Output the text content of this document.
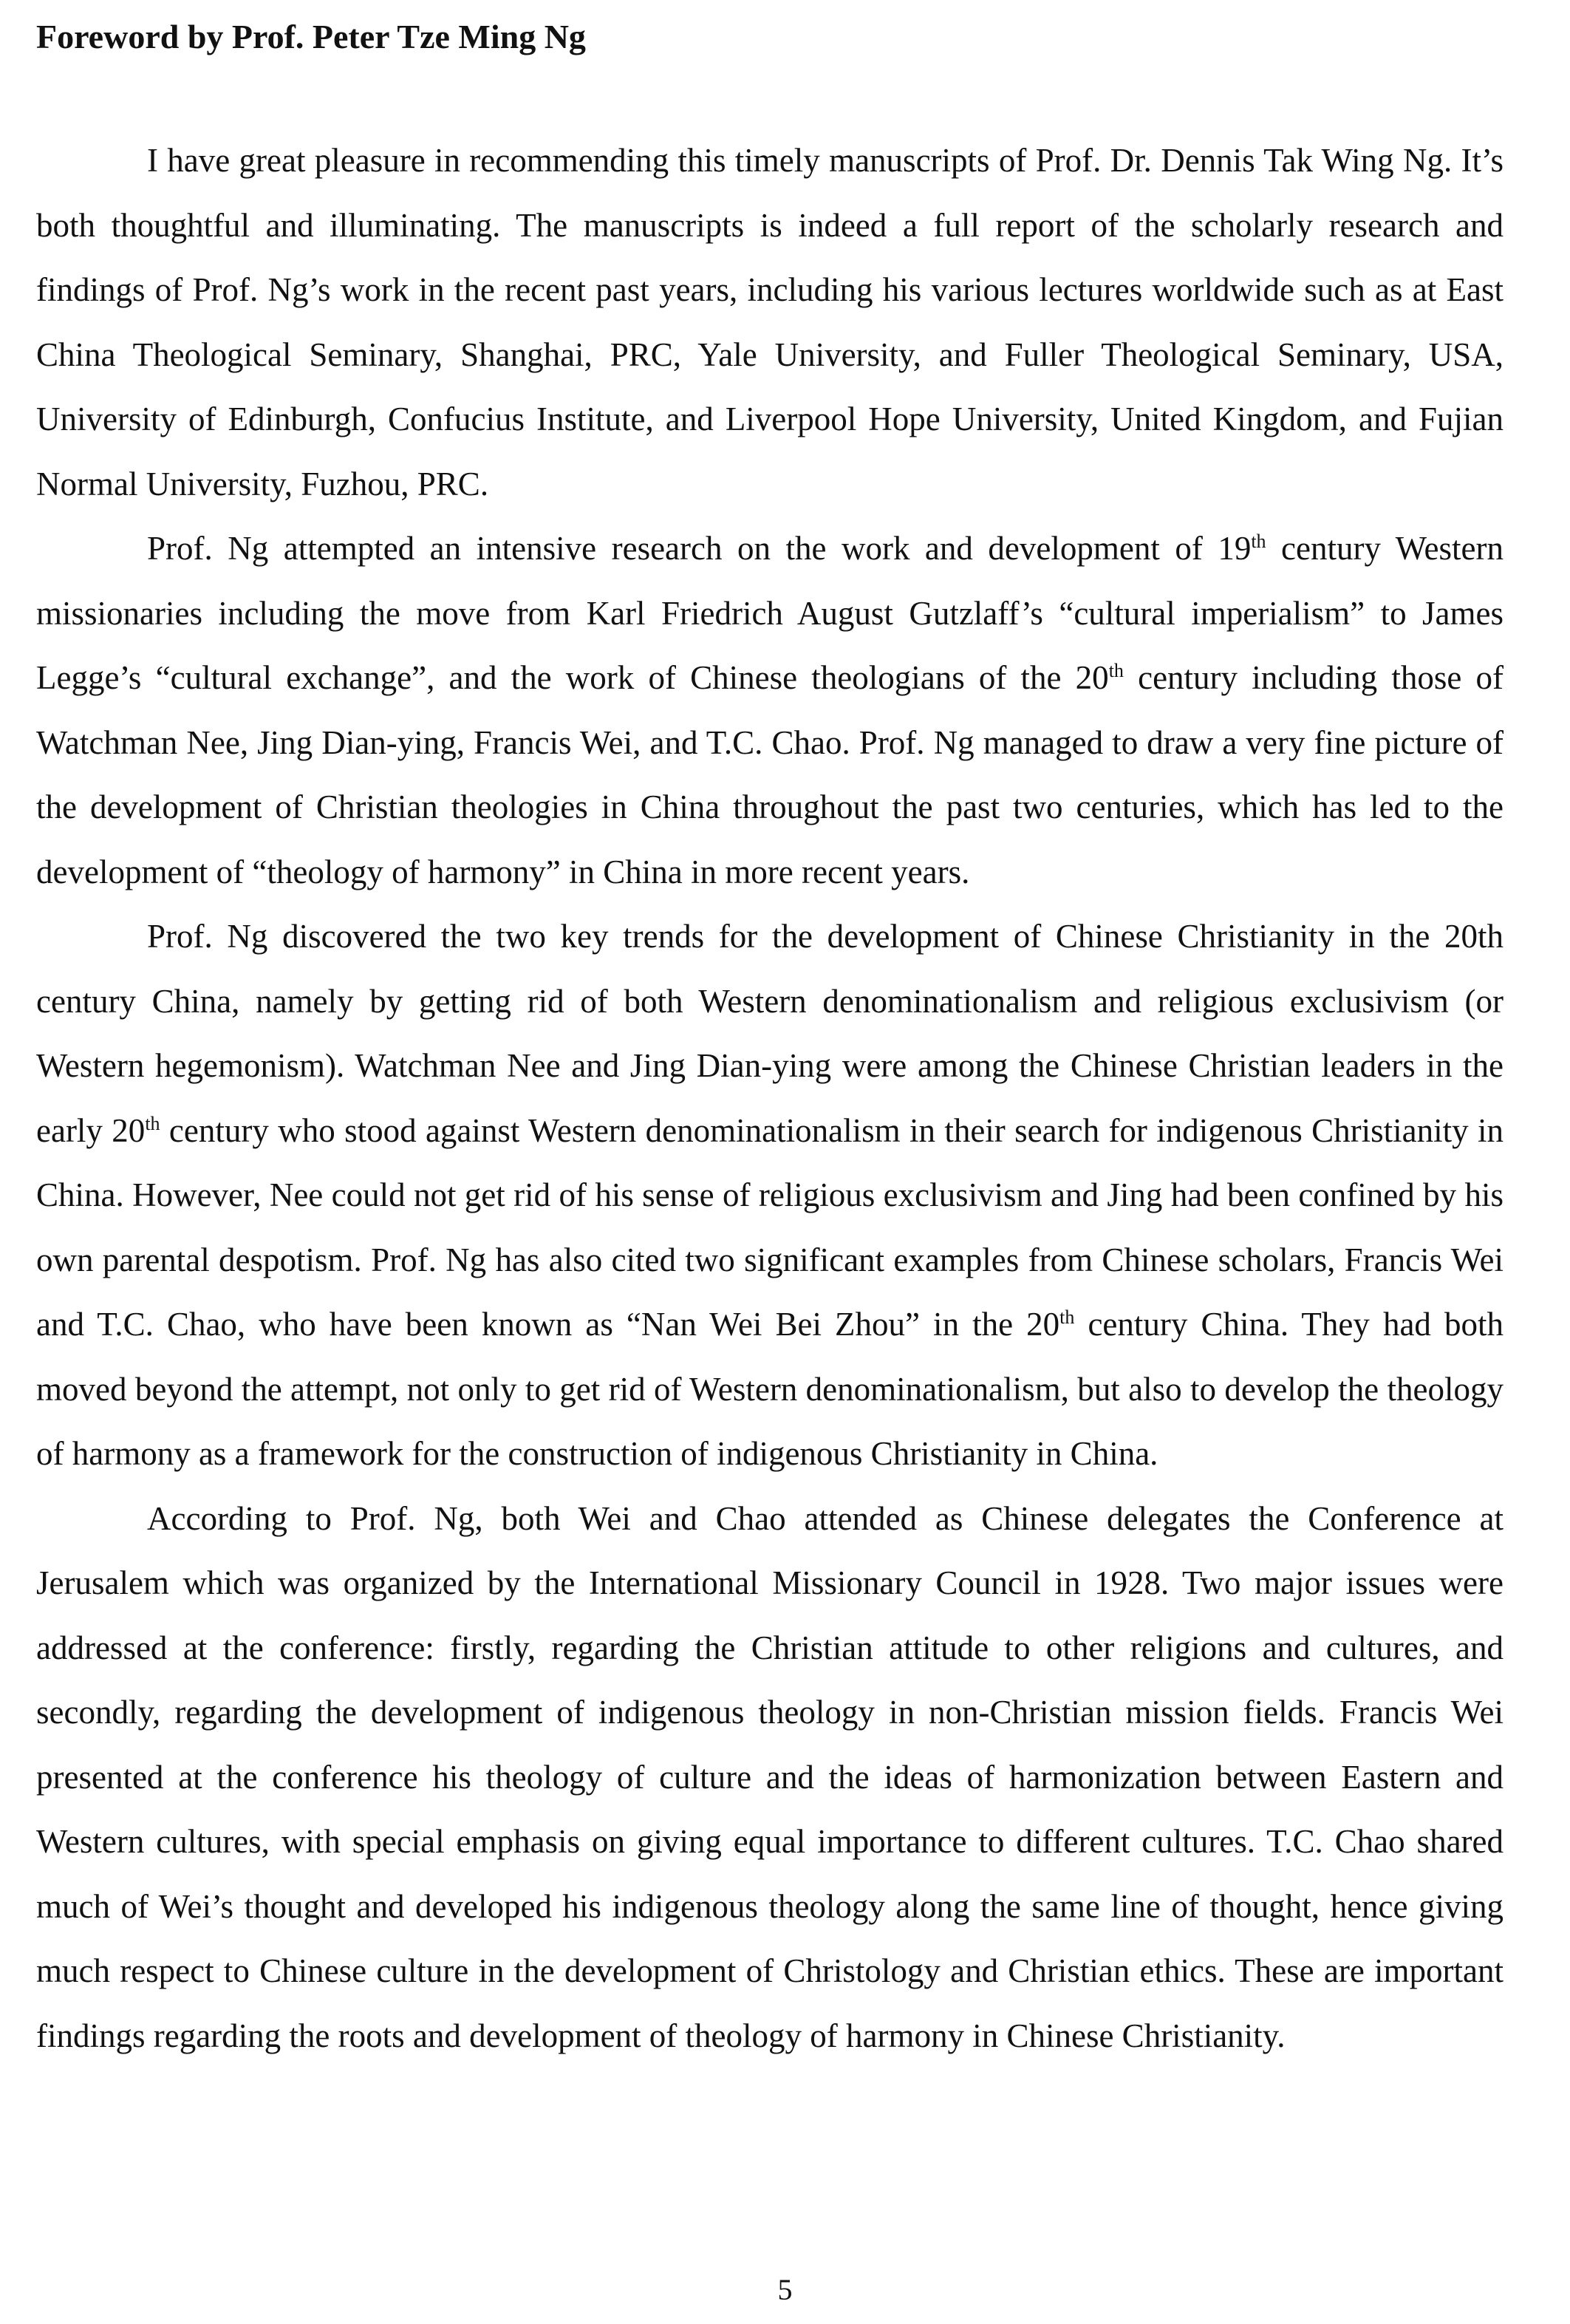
Foreword by Prof. Peter Tze Ming Ng

I have great pleasure in recommending this timely manuscripts of Prof. Dr. Dennis Tak Wing Ng. It’s both thoughtful and illuminating. The manuscripts is indeed a full report of the scholarly research and findings of Prof. Ng’s work in the recent past years, including his various lectures worldwide such as at East China Theological Seminary, Shanghai, PRC, Yale University, and Fuller Theological Seminary, USA, University of Edinburgh, Confucius Institute, and Liverpool Hope University, United Kingdom, and Fujian Normal University, Fuzhou, PRC.

Prof. Ng attempted an intensive research on the work and development of 19th century Western missionaries including the move from Karl Friedrich August Gutzlaff’s “cultural imperialism” to James Legge’s “cultural exchange”, and the work of Chinese theologians of the 20th century including those of Watchman Nee, Jing Dian-ying, Francis Wei, and T.C. Chao. Prof. Ng managed to draw a very fine picture of the development of Christian theologies in China throughout the past two centuries, which has led to the development of “theology of harmony” in China in more recent years.

Prof. Ng discovered the two key trends for the development of Chinese Christianity in the 20th century China, namely by getting rid of both Western denominationalism and religious exclusivism (or Western hegemonism). Watchman Nee and Jing Dian-ying were among the Chinese Christian leaders in the early 20th century who stood against Western denominationalism in their search for indigenous Christianity in China. However, Nee could not get rid of his sense of religious exclusivism and Jing had been confined by his own parental despotism. Prof. Ng has also cited two significant examples from Chinese scholars, Francis Wei and T.C. Chao, who have been known as “Nan Wei Bei Zhou” in the 20th century China. They had both moved beyond the attempt, not only to get rid of Western denominationalism, but also to develop the theology of harmony as a framework for the construction of indigenous Christianity in China.

According to Prof. Ng, both Wei and Chao attended as Chinese delegates the Conference at Jerusalem which was organized by the International Missionary Council in 1928. Two major issues were addressed at the conference: firstly, regarding the Christian attitude to other religions and cultures, and secondly, regarding the development of indigenous theology in non-Christian mission fields. Francis Wei presented at the conference his theology of culture and the ideas of harmonization between Eastern and Western cultures, with special emphasis on giving equal importance to different cultures. T.C. Chao shared much of Wei’s thought and developed his indigenous theology along the same line of thought, hence giving much respect to Chinese culture in the development of Christology and Christian ethics. These are important findings regarding the roots and development of theology of harmony in Chinese Christianity.

5
